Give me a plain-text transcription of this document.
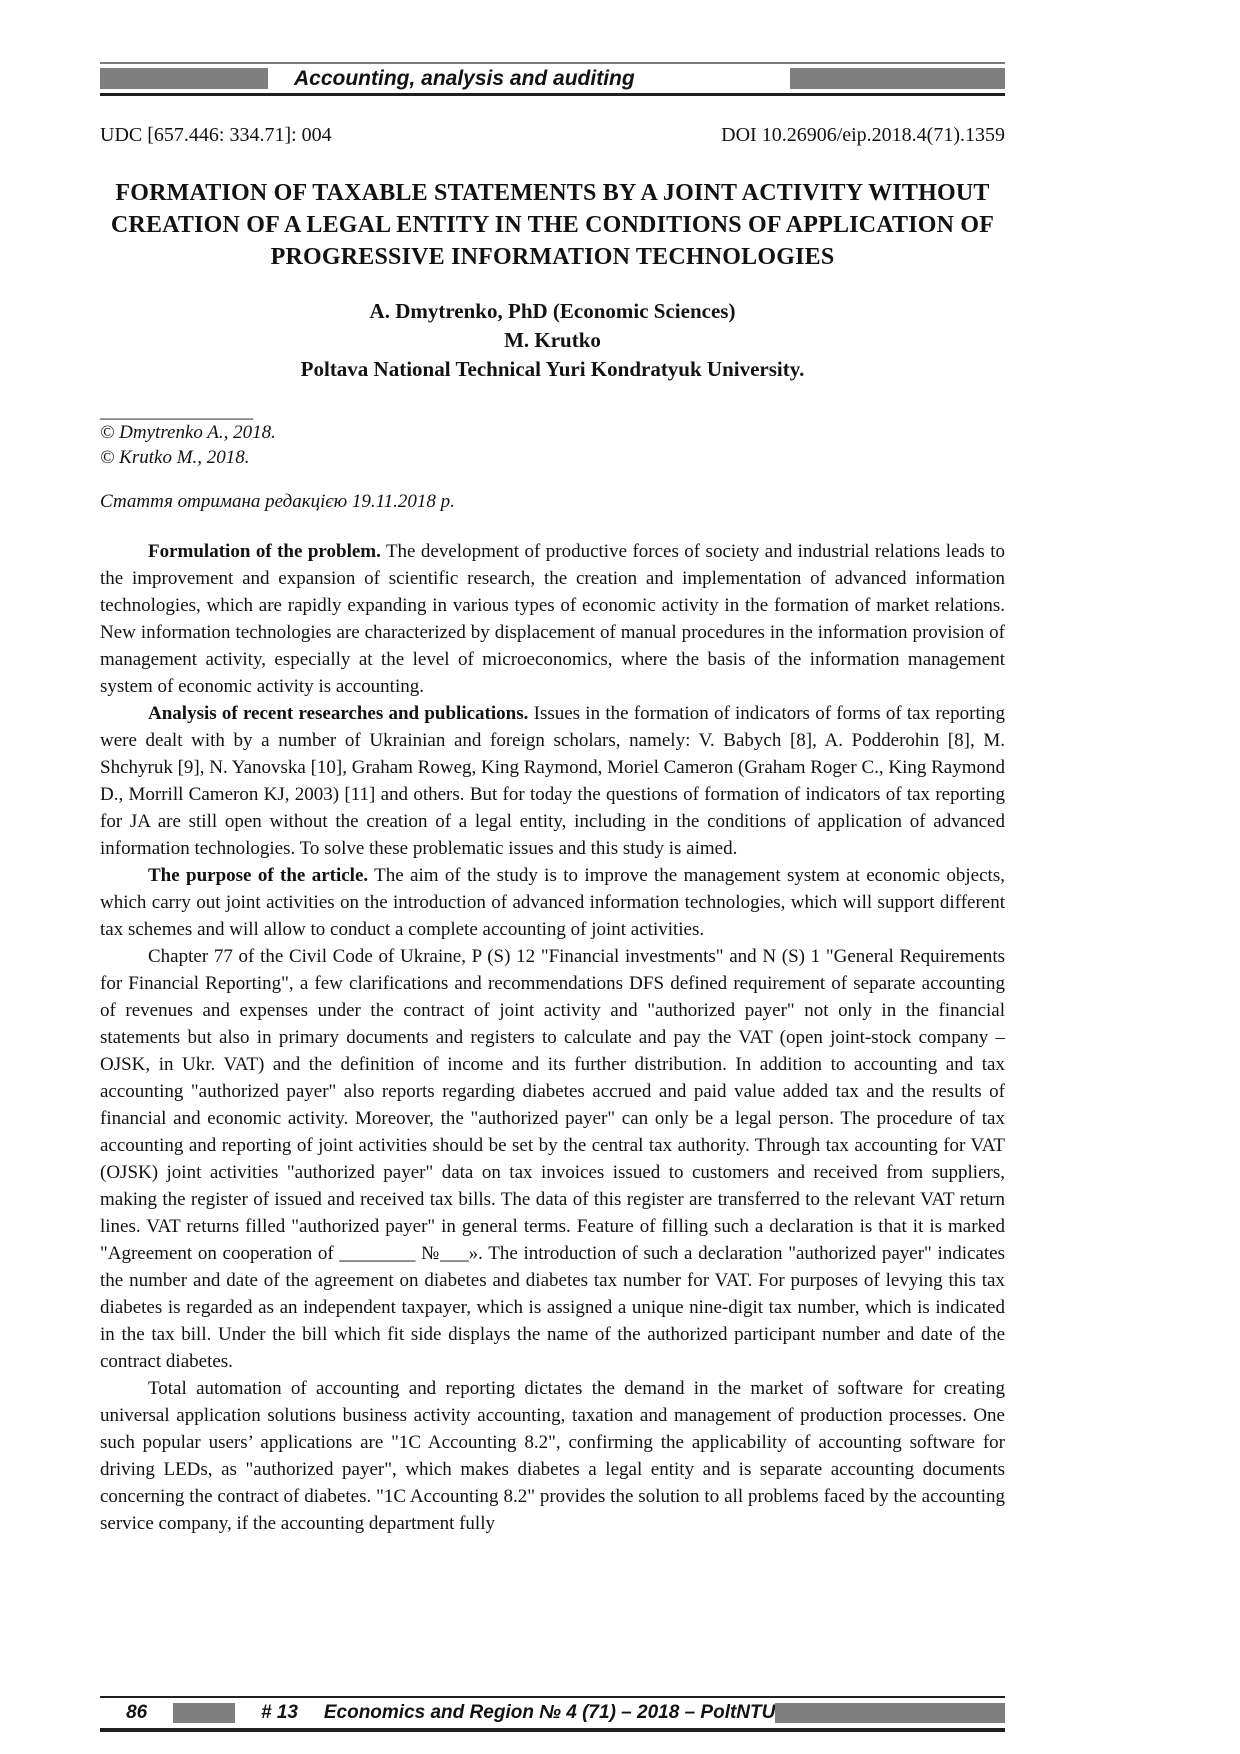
Accounting, analysis and auditing
UDC [657.446: 334.71]: 004	DOI 10.26906/eip.2018.4(71).1359
FORMATION OF TAXABLE STATEMENTS BY A JOINT ACTIVITY WITHOUT CREATION OF A LEGAL ENTITY IN THE CONDITIONS OF APPLICATION OF PROGRESSIVE INFORMATION TECHNOLOGIES
A. Dmytrenko, PhD (Economic Sciences)
M. Krutko
Poltava National Technical Yuri Kondratyuk University.
_________________
© Dmytrenko A., 2018.
© Krutko M., 2018.
Стаття отримана редакцією 19.11.2018 р.

Formulation of the problem. The development of productive forces of society and industrial relations leads to the improvement and expansion of scientific research, the creation and implementation of advanced information technologies, which are rapidly expanding in various types of economic activity in the formation of market relations. New information technologies are characterized by displacement of manual procedures in the information provision of management activity, especially at the level of microeconomics, where the basis of the information management system of economic activity is accounting.

Analysis of recent researches and publications. Issues in the formation of indicators of forms of tax reporting were dealt with by a number of Ukrainian and foreign scholars, namely: V. Babych [8], A. Podderohin [8], M. Shchyruk [9], N. Yanovska [10], Graham Roweg, King Raymond, Moriel Cameron (Graham Roger C., King Raymond D., Morrill Cameron KJ, 2003) [11] and others. But for today the questions of formation of indicators of tax reporting for JA are still open without the creation of a legal entity, including in the conditions of application of advanced information technologies. To solve these problematic issues and this study is aimed.

The purpose of the article. The aim of the study is to improve the management system at economic objects, which carry out joint activities on the introduction of advanced information technologies, which will support different tax schemes and will allow to conduct a complete accounting of joint activities.

Chapter 77 of the Civil Code of Ukraine, P (S) 12 "Financial investments" and N (S) 1 "General Requirements for Financial Reporting", a few clarifications and recommendations DFS defined requirement of separate accounting of revenues and expenses under the contract of joint activity and "authorized payer" not only in the financial statements but also in primary documents and registers to calculate and pay the VAT (open joint-stock company – OJSK, in Ukr. VAT) and the definition of income and its further distribution. In addition to accounting and tax accounting "authorized payer" also reports regarding diabetes accrued and paid value added tax and the results of financial and economic activity. Moreover, the "authorized payer" can only be a legal person. The procedure of tax accounting and reporting of joint activities should be set by the central tax authority. Through tax accounting for VAT (OJSK) joint activities "authorized payer" data on tax invoices issued to customers and received from suppliers, making the register of issued and received tax bills. The data of this register are transferred to the relevant VAT return lines. VAT returns filled "authorized payer" in general terms. Feature of filling such a declaration is that it is marked "Agreement on cooperation of ________ №___». The introduction of such a declaration "authorized payer" indicates the number and date of the agreement on diabetes and diabetes tax number for VAT. For purposes of levying this tax diabetes is regarded as an independent taxpayer, which is assigned a unique nine-digit tax number, which is indicated in the tax bill. Under the bill which fit side displays the name of the authorized participant number and date of the contract diabetes.

Total automation of accounting and reporting dictates the demand in the market of software for creating universal application solutions business activity accounting, taxation and management of production processes. One such popular users’ applications are "1C Accounting 8.2", confirming the applicability of accounting software for driving LEDs, as "authorized payer", which makes diabetes a legal entity and is separate accounting documents concerning the contract of diabetes. "1C Accounting 8.2" provides the solution to all problems faced by the accounting service company, if the accounting department fully

86	# 13	Economics and Region № 4 (71) – 2018 – PoltNTU
